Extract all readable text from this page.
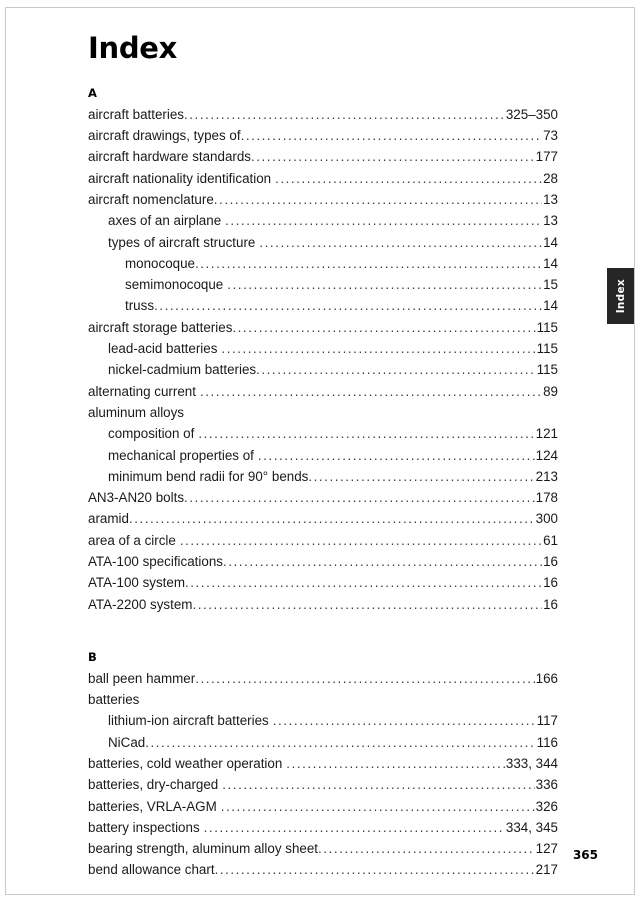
Index
A
aircraft batteries .....	325–350
aircraft drawings, types of .....	73
aircraft hardware standards .....	177
aircraft nationality identification .....	28
aircraft nomenclature .....	13
axes of an airplane .....	13
types of aircraft structure .....	14
monocoque .....	14
semimonocoque .....	15
truss .....	14
aircraft storage batteries .....	115
lead-acid batteries .....	115
nickel-cadmium batteries .....	115
alternating current .....	89
aluminum alloys
composition of .....	121
mechanical properties of .....	124
minimum bend radii for 90° bends .....	213
AN3-AN20 bolts .....	178
aramid .....	300
area of a circle .....	61
ATA-100 specifications .....	16
ATA-100 system .....	16
ATA-2200 system .....	16
B
ball peen hammer .....	166
batteries
lithium-ion aircraft batteries .....	117
NiCad .....	116
batteries, cold weather operation .....	333, 344
batteries, dry-charged .....	336
batteries, VRLA-AGM .....	326
battery inspections .....	334, 345
bearing strength, aluminum alloy sheet .....	127
bend allowance chart .....	217
Index
365
